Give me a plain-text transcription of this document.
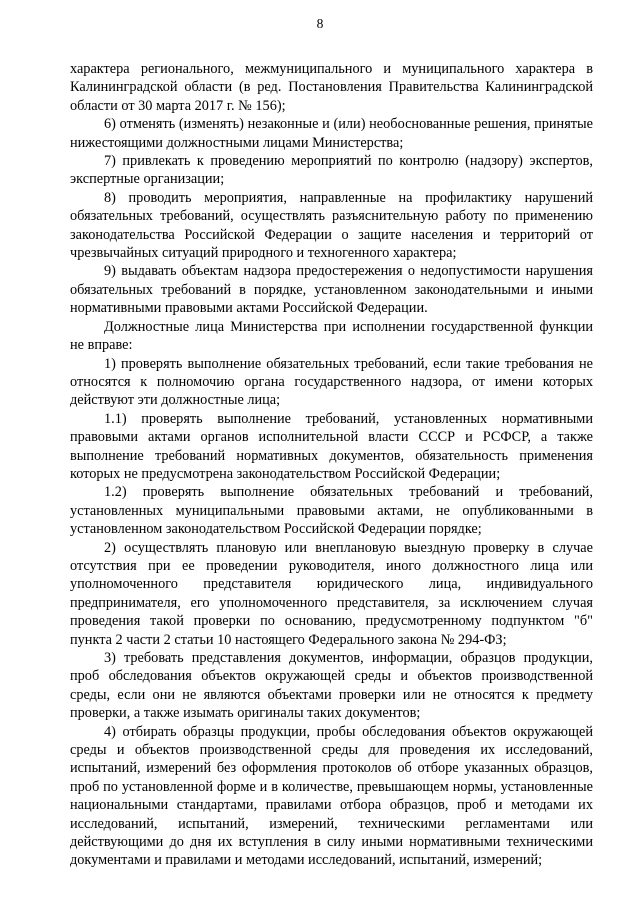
8

характера регионального, межмуниципального и муниципального характера в Калининградской области (в ред. Постановления Правительства Калининградской области от 30 марта 2017 г. № 156);

6) отменять (изменять) незаконные и (или) необоснованные решения, принятые нижестоящими должностными лицами Министерства;

7) привлекать к проведению мероприятий по контролю (надзору) экспертов, экспертные организации;

8) проводить мероприятия, направленные на профилактику нарушений обязательных требований, осуществлять разъяснительную работу по применению законодательства Российской Федерации о защите населения и территорий от чрезвычайных ситуаций природного и техногенного характера;

9) выдавать объектам надзора предостережения о недопустимости нарушения обязательных требований в порядке, установленном законодательными и иными нормативными правовыми актами Российской Федерации.

Должностные лица Министерства при исполнении государственной функции не вправе:

1) проверять выполнение обязательных требований, если такие требования не относятся к полномочию органа государственного надзора, от имени которых действуют эти должностные лица;

1.1) проверять выполнение требований, установленных нормативными правовыми актами органов исполнительной власти СССР и РСФСР, а также выполнение требований нормативных документов, обязательность применения которых не предусмотрена законодательством Российской Федерации;

1.2) проверять выполнение обязательных требований и требований, установленных муниципальными правовыми актами, не опубликованными в установленном законодательством Российской Федерации порядке;

2) осуществлять плановую или внеплановую выездную проверку в случае отсутствия при ее проведении руководителя, иного должностного лица или уполномоченного представителя юридического лица, индивидуального предпринимателя, его уполномоченного представителя, за исключением случая проведения такой проверки по основанию, предусмотренному подпунктом "б" пункта 2 части 2 статьи 10 настоящего Федерального закона № 294-ФЗ;

3) требовать представления документов, информации, образцов продукции, проб обследования объектов окружающей среды и объектов производственной среды, если они не являются объектами проверки или не относятся к предмету проверки, а также изымать оригиналы таких документов;

4) отбирать образцы продукции, пробы обследования объектов окружающей среды и объектов производственной среды для проведения их исследований, испытаний, измерений без оформления протоколов об отборе указанных образцов, проб по установленной форме и в количестве, превышающем нормы, установленные национальными стандартами, правилами отбора образцов, проб и методами их исследований, испытаний, измерений, техническими регламентами или действующими до дня их вступления в силу иными нормативными техническими документами и правилами и методами исследований, испытаний, измерений;
